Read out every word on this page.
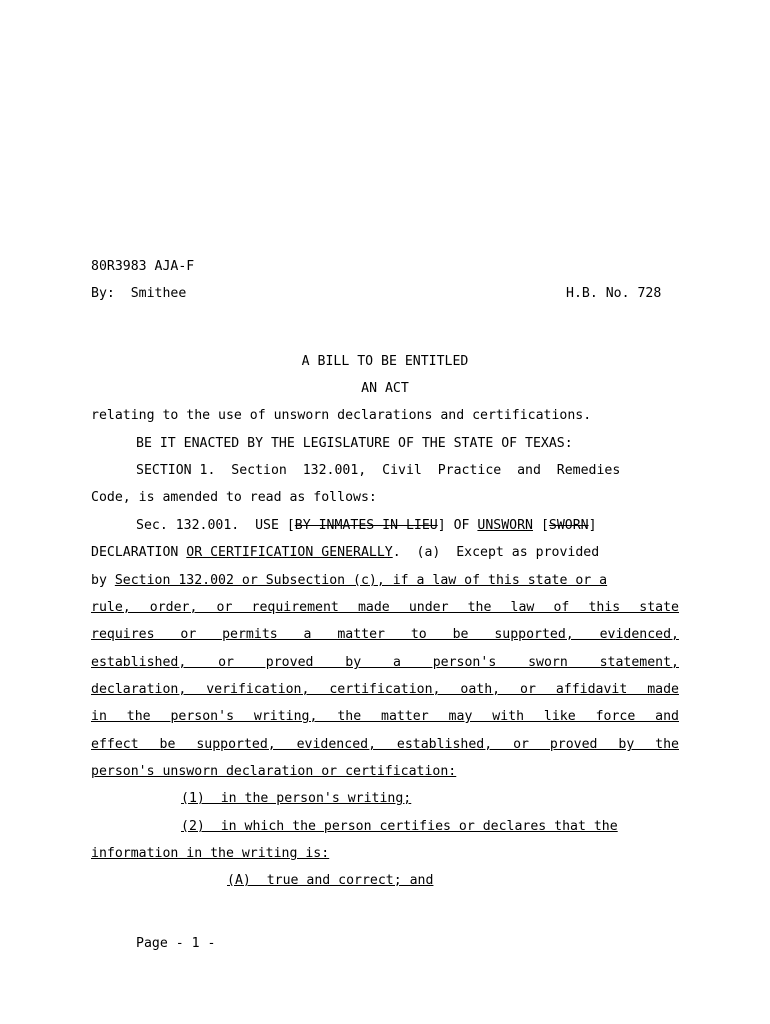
80R3983 AJA-F
By: Smithee	H.B. No. 728
A BILL TO BE ENTITLED
AN ACT
relating to the use of unsworn declarations and certifications.
BE IT ENACTED BY THE LEGISLATURE OF THE STATE OF TEXAS:
SECTION 1.  Section  132.001,  Civil  Practice  and  Remedies
Code, is amended to read as follows:
Sec. 132.001.  USE [BY INMATES IN LIEU] OF UNSWORN [SWORN]
DECLARATION OR CERTIFICATION GENERALLY.  (a)  Except as provided
by Section 132.002 or Subsection (c), if a law of this state or a
rule, order, or requirement made under the law of this state
requires or permits a matter to be supported, evidenced,
established, or proved by a person's sworn statement,
declaration, verification, certification, oath, or affidavit made
in the person's writing, the matter may with like force and
effect be supported, evidenced, established, or proved by the
person's unsworn declaration or certification:
(1)  in the person's writing;
(2)  in which the person certifies or declares that the
information in the writing is:
(A)  true and correct; and
Page - 1 -
